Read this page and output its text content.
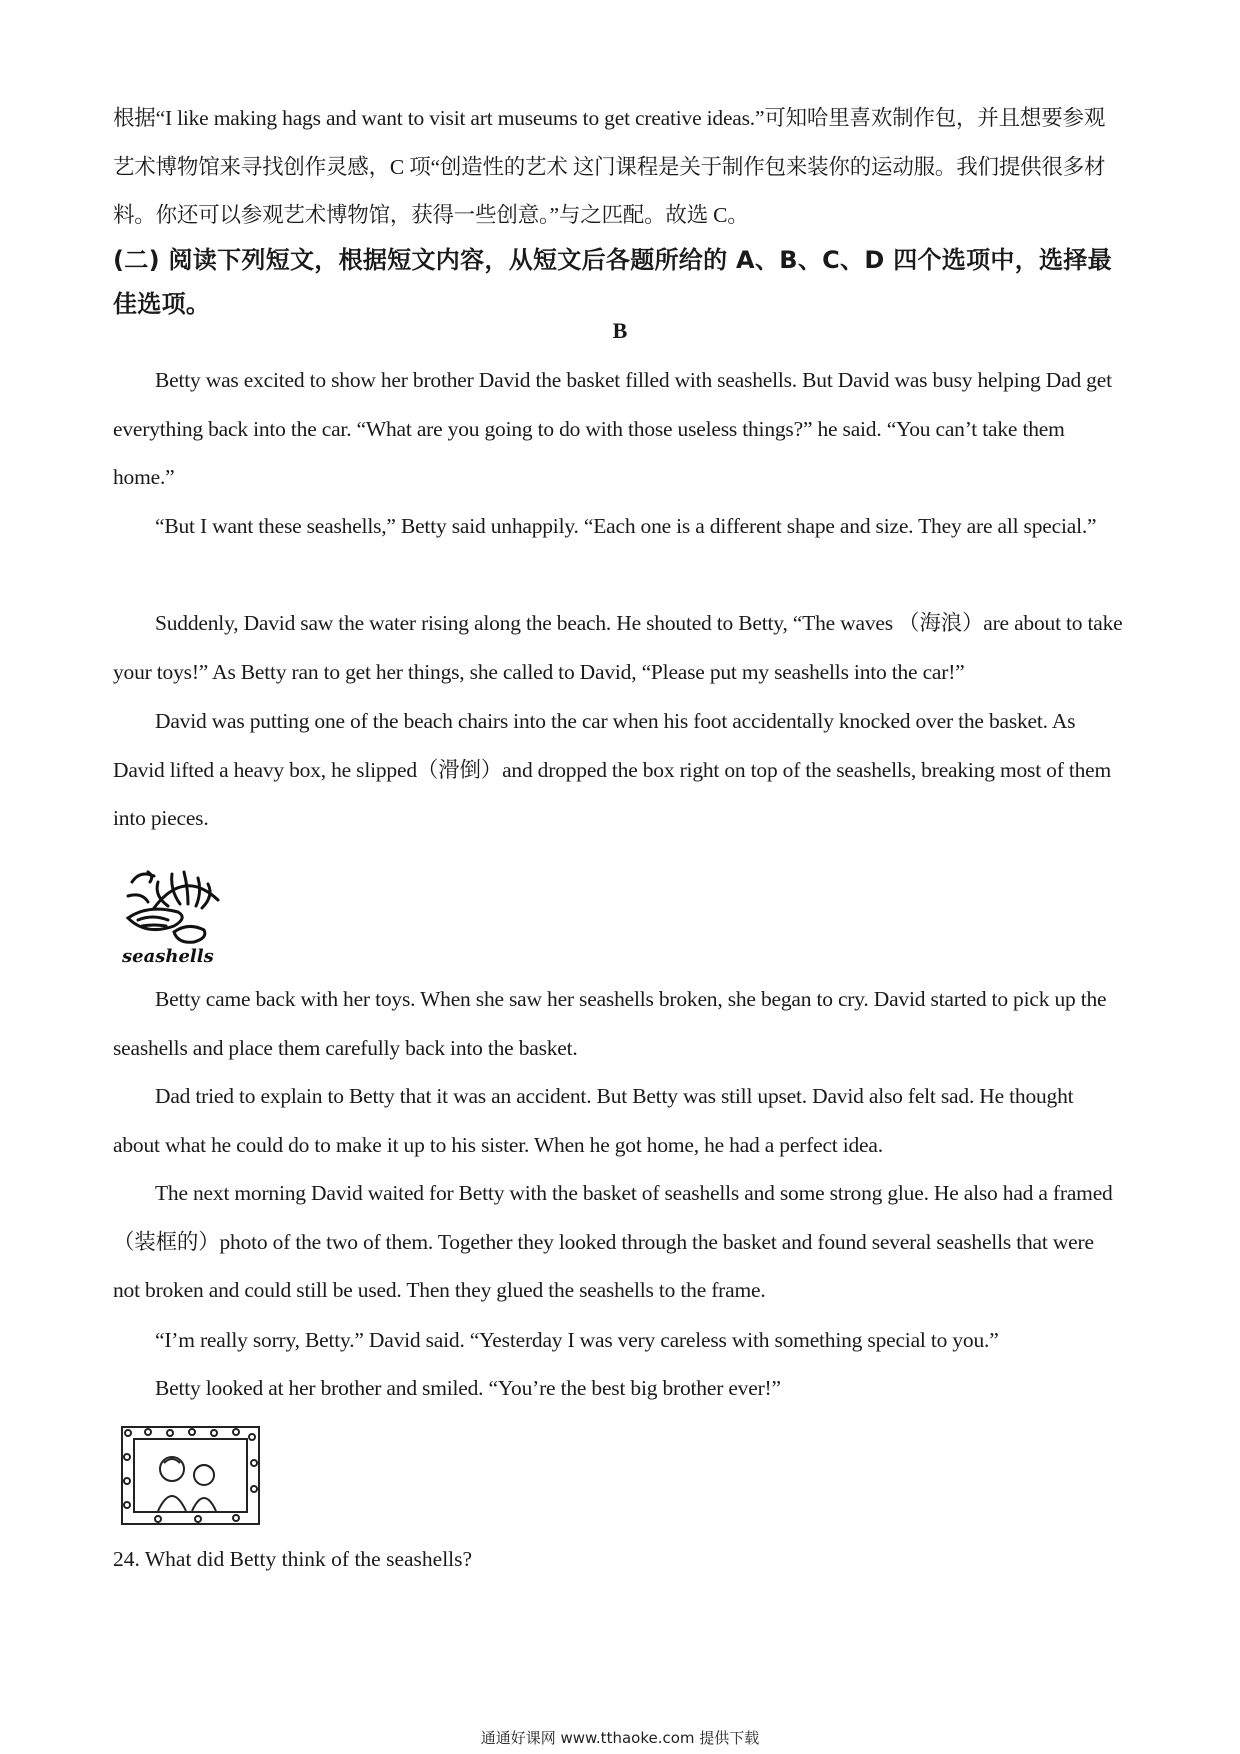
根据“I like making hags and want to visit art museums to get creative ideas.”可知哈里喜欢制作包，并且想要参观艺术博物馆来寻找创作灵感，C 项“创造性的艺术 这门课程是关于制作包来装你的运动服。我们提供很多材料。你还可以参观艺术博物馆，获得一些创意。”与之匹配。故选 C。

(二) 阅读下列短文，根据短文内容，从短文后各题所给的 A、B、C、D 四个选项中，选择最佳选项。

B

Betty was excited to show her brother David the basket filled with seashells. But David was busy helping Dad get everything back into the car. “What are you going to do with those useless things?” he said. “You can’t take them home.”

“But I want these seashells,” Betty said unhappily. “Each one is a different shape and size. They are all special.”

Suddenly, David saw the water rising along the beach. He shouted to Betty, “The waves （海浪）are about to take your toys!” As Betty ran to get her things, she called to David, “Please put my seashells into the car!”

David was putting one of the beach chairs into the car when his foot accidentally knocked over the basket. As David lifted a heavy box, he slipped（滑倒）and dropped the box right on top of the seashells, breaking most of them into pieces.

seashells

Betty came back with her toys. When she saw her seashells broken, she began to cry. David started to pick up the seashells and place them carefully back into the basket.

Dad tried to explain to Betty that it was an accident. But Betty was still upset. David also felt sad. He thought about what he could do to make it up to his sister. When he got home, he had a perfect idea.

The next morning David waited for Betty with the basket of seashells and some strong glue. He also had a framed（装框的）photo of the two of them. Together they looked through the basket and found several seashells that were not broken and could still be used. Then they glued the seashells to the frame.

“I’m really sorry, Betty.” David said. “Yesterday I was very careless with something special to you.”

Betty looked at her brother and smiled. “You’re the best big brother ever!”

24. What did Betty think of the seashells?

通通好课网 www.tthaoke.com 提供下载
